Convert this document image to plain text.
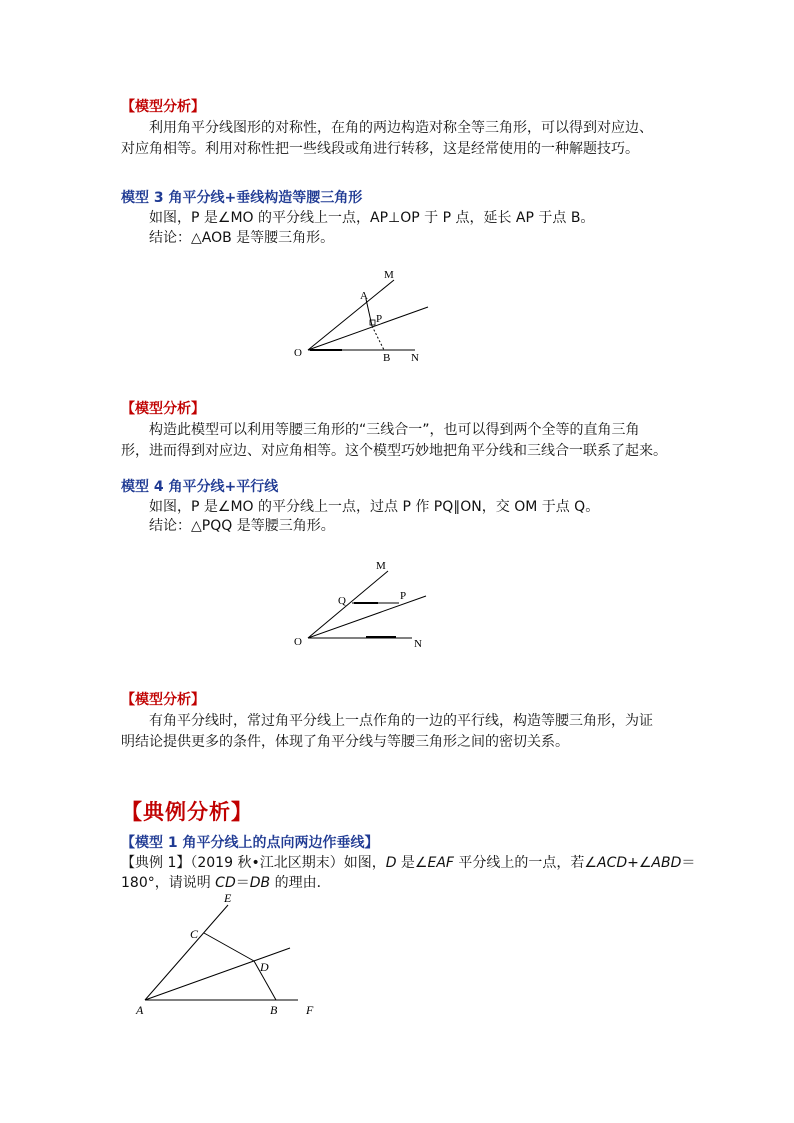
【模型分析】
利用角平分线图形的对称性，在角的两边构造对称全等三角形，可以得到对应边、
对应角相等。利用对称性把一些线段或角进行转移，这是经常使用的一种解题技巧。
模型 3 角平分线+垂线构造等腰三角形
如图，P 是∠MO 的平分线上一点，AP⊥OP 于 P 点，延长 AP 于点 B。
结论：△AOB 是等腰三角形。
M
A
P
O	B N
【模型分析】
构造此模型可以利用等腰三角形的“三线合一”，也可以得到两个全等的直角三角
形，进而得到对应边、对应角相等。这个模型巧妙地把角平分线和三线合一联系了起来。
模型 4 角平分线+平行线
如图，P 是∠MO 的平分线上一点，过点 P 作 PQ∥ON，交 OM 于点 Q。
结论：△PQQ 是等腰三角形。
M
Q	P
O	N
【模型分析】
有角平分线时，常过角平分线上一点作角的一边的平行线，构造等腰三角形，为证
明结论提供更多的条件，体现了角平分线与等腰三角形之间的密切关系。
【典例分析】
【模型 1 角平分线上的点向两边作垂线】
【典例 1】（2019 秋•江北区期末）如图，D 是∠EAF 平分线上的一点，若∠ACD+∠ABD＝
180°，请说明 CD＝DB 的理由．
E
C
D
A	B F
